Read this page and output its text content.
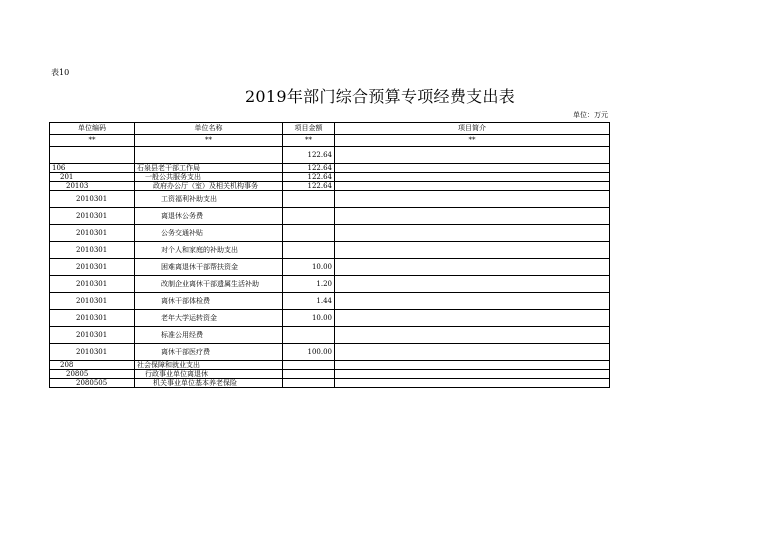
表10
2019年部门综合预算专项经费支出表
单位：万元
单位编码	单位名称	项目金额	项目简介
**	**	**	**
		122.64	
106	石泉县老干部工作局	122.64	
201	一般公共服务支出	122.64	
20103	政府办公厅（室）及相关机构事务	122.64	
2010301	工资福利补助支出		
2010301	离退休公务费		
2010301	公务交通补贴		
2010301	对个人和家庭的补助支出		
2010301	困难离退休干部帮扶资金	10.00	
2010301	改制企业离休干部遗属生活补助	1.20	
2010301	离休干部体检费	1.44	
2010301	老年大学运转资金	10.00	
2010301	标准公用经费		
2010301	离休干部医疗费	100.00	
208	社会保障和就业支出		
20805	行政事业单位离退休		
2080505	机关事业单位基本养老保险		
